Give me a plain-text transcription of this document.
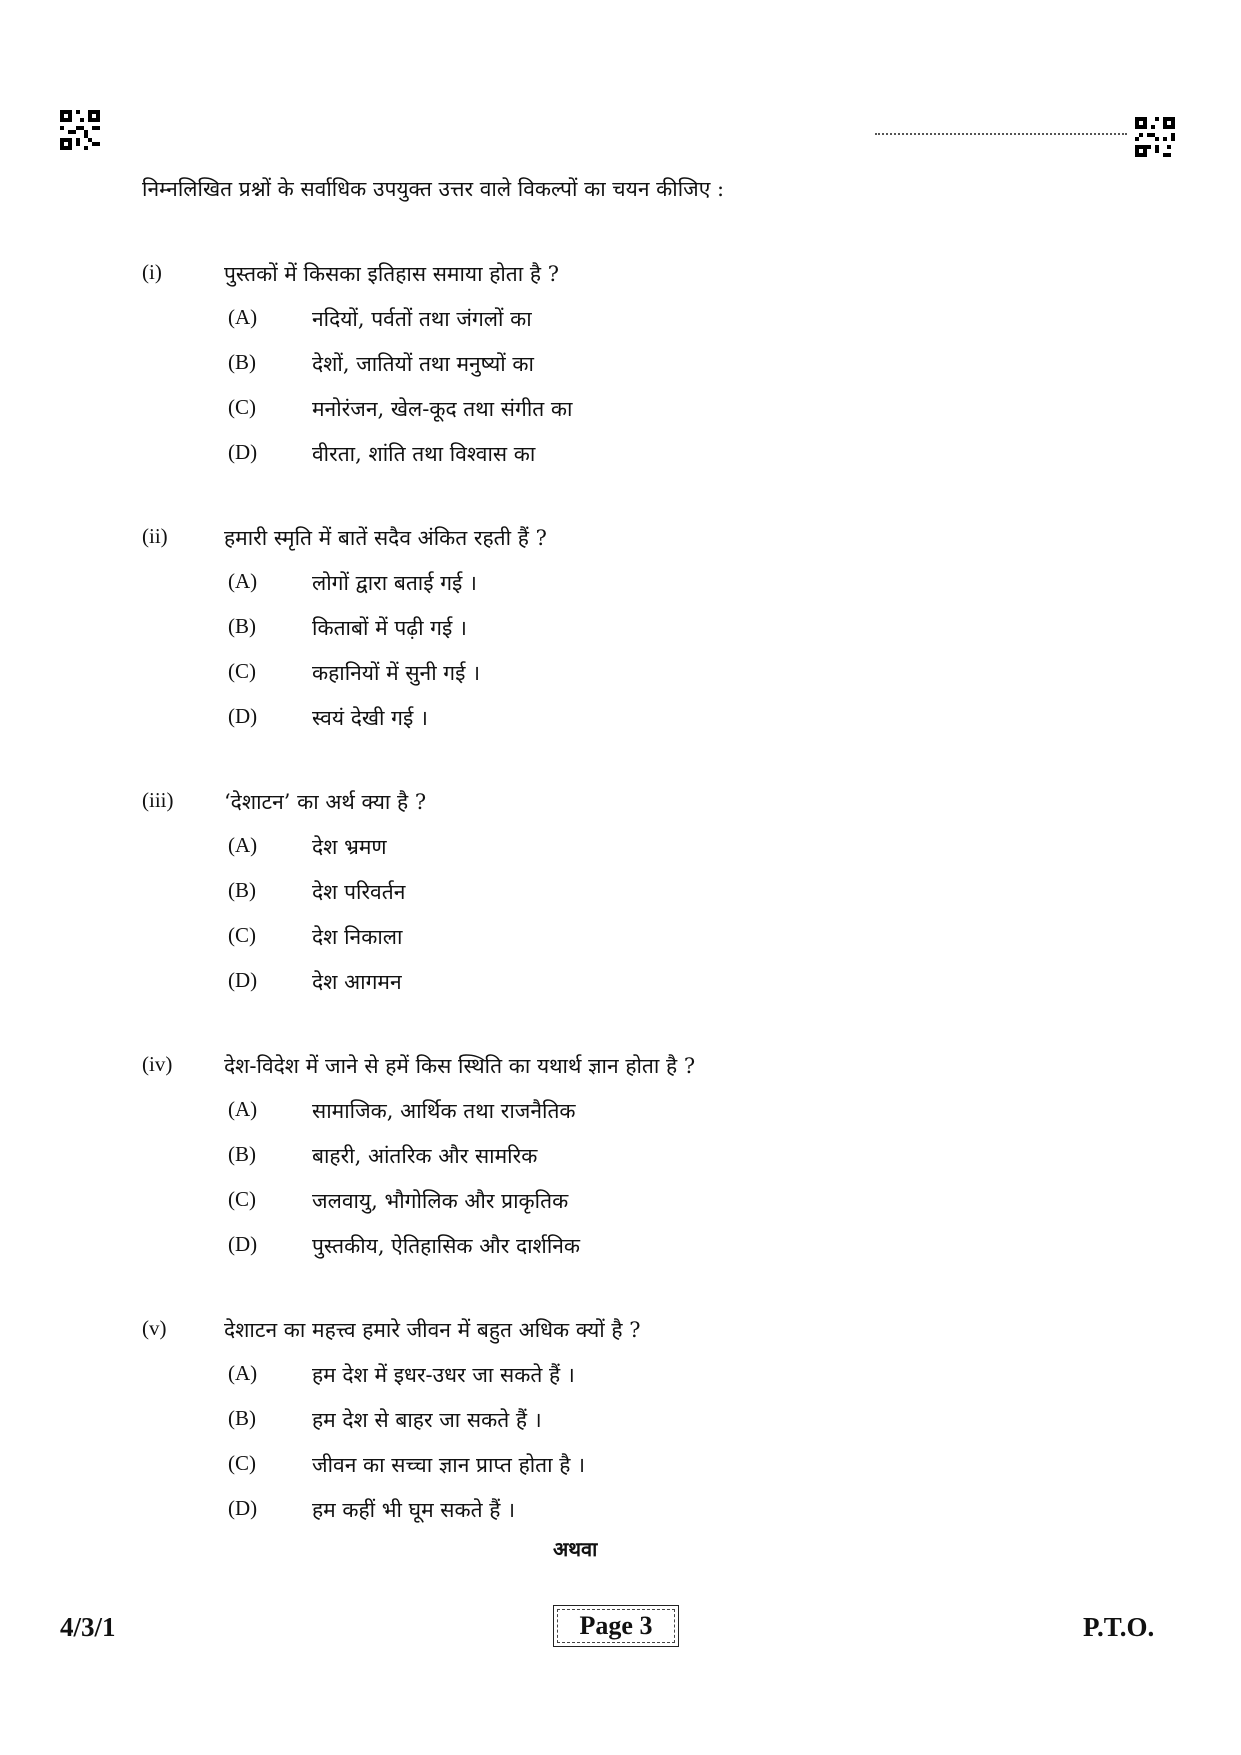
निम्नलिखित प्रश्नों के सर्वाधिक उपयुक्त उत्तर वाले विकल्पों का चयन कीजिए :
(i)	पुस्तकों में किसका इतिहास समाया होता है ?
(A)	नदियों, पर्वतों तथा जंगलों का
(B)	देशों, जातियों तथा मनुष्यों का
(C)	मनोरंजन, खेल-कूद तथा संगीत का
(D)	वीरता, शांति तथा विश्वास का
(ii)	हमारी स्मृति में बातें सदैव अंकित रहती हैं ?
(A)	लोगों द्वारा बताई गई ।
(B)	किताबों में पढ़ी गई ।
(C)	कहानियों में सुनी गई ।
(D)	स्वयं देखी गई ।
(iii) ‘देशाटन’ का अर्थ क्या है ?
(A)	देश भ्रमण
(B)	देश परिवर्तन
(C)	देश निकाला
(D)	देश आगमन
(iv) देश-विदेश में जाने से हमें किस स्थिति का यथार्थ ज्ञान होता है ?
(A)	सामाजिक, आर्थिक तथा राजनैतिक
(B)	बाहरी, आंतरिक और सामरिक
(C)	जलवायु, भौगोलिक और प्राकृतिक
(D)	पुस्तकीय, ऐतिहासिक और दार्शनिक
(v)	देशाटन का महत्त्व हमारे जीवन में बहुत अधिक क्यों है ?
(A)	हम देश में इधर-उधर जा सकते हैं ।
(B)	हम देश से बाहर जा सकते हैं ।
(C)	जीवन का सच्चा ज्ञान प्राप्त होता है ।
(D)	हम कहीं भी घूम सकते हैं ।
अथवा
4/3/1	Page 3	P.T.O.
